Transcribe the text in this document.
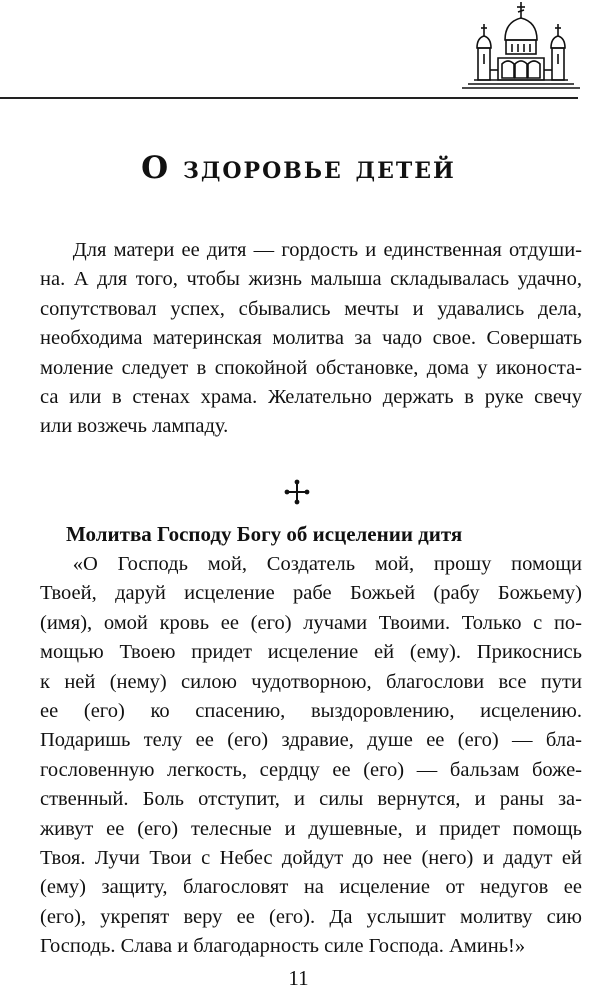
О здоровье детей
Для матери ее дитя — гордость и единственная отдуши-
на. А для того, чтобы жизнь малыша складывалась удачно,
сопутствовал успех, сбывались мечты и удавались дела,
необходима материнская молитва за чадо свое. Совершать
моление следует в спокойной обстановке, дома у иконоста-
са или в стенах храма. Желательно держать в руке свечу
или возжечь лампаду.
Молитва Господу Богу об исцелении дитя
«О Господь мой, Создатель мой, прошу помощи
Твоей, даруй исцеление рабе Божьей (рабу Божьему)
(имя), омой кровь ее (его) лучами Твоими. Только с по-
мощью Твоею придет исцеление ей (ему). Прикоснись
к ней (нему) силою чудотворною, благослови все пути
ее (его) ко спасению, выздоровлению, исцелению.
Подаришь телу ее (его) здравие, душе ее (его) — бла-
гословенную легкость, сердцу ее (его) — бальзам боже-
ственный. Боль отступит, и силы вернутся, и раны за-
живут ее (его) телесные и душевные, и придет помощь
Твоя. Лучи Твои с Небес дойдут до нее (него) и дадут ей
(ему) защиту, благословят на исцеление от недугов ее
(его), укрепят веру ее (его). Да услышит молитву сию
Господь. Слава и благодарность силе Господа. Аминь!»
11
